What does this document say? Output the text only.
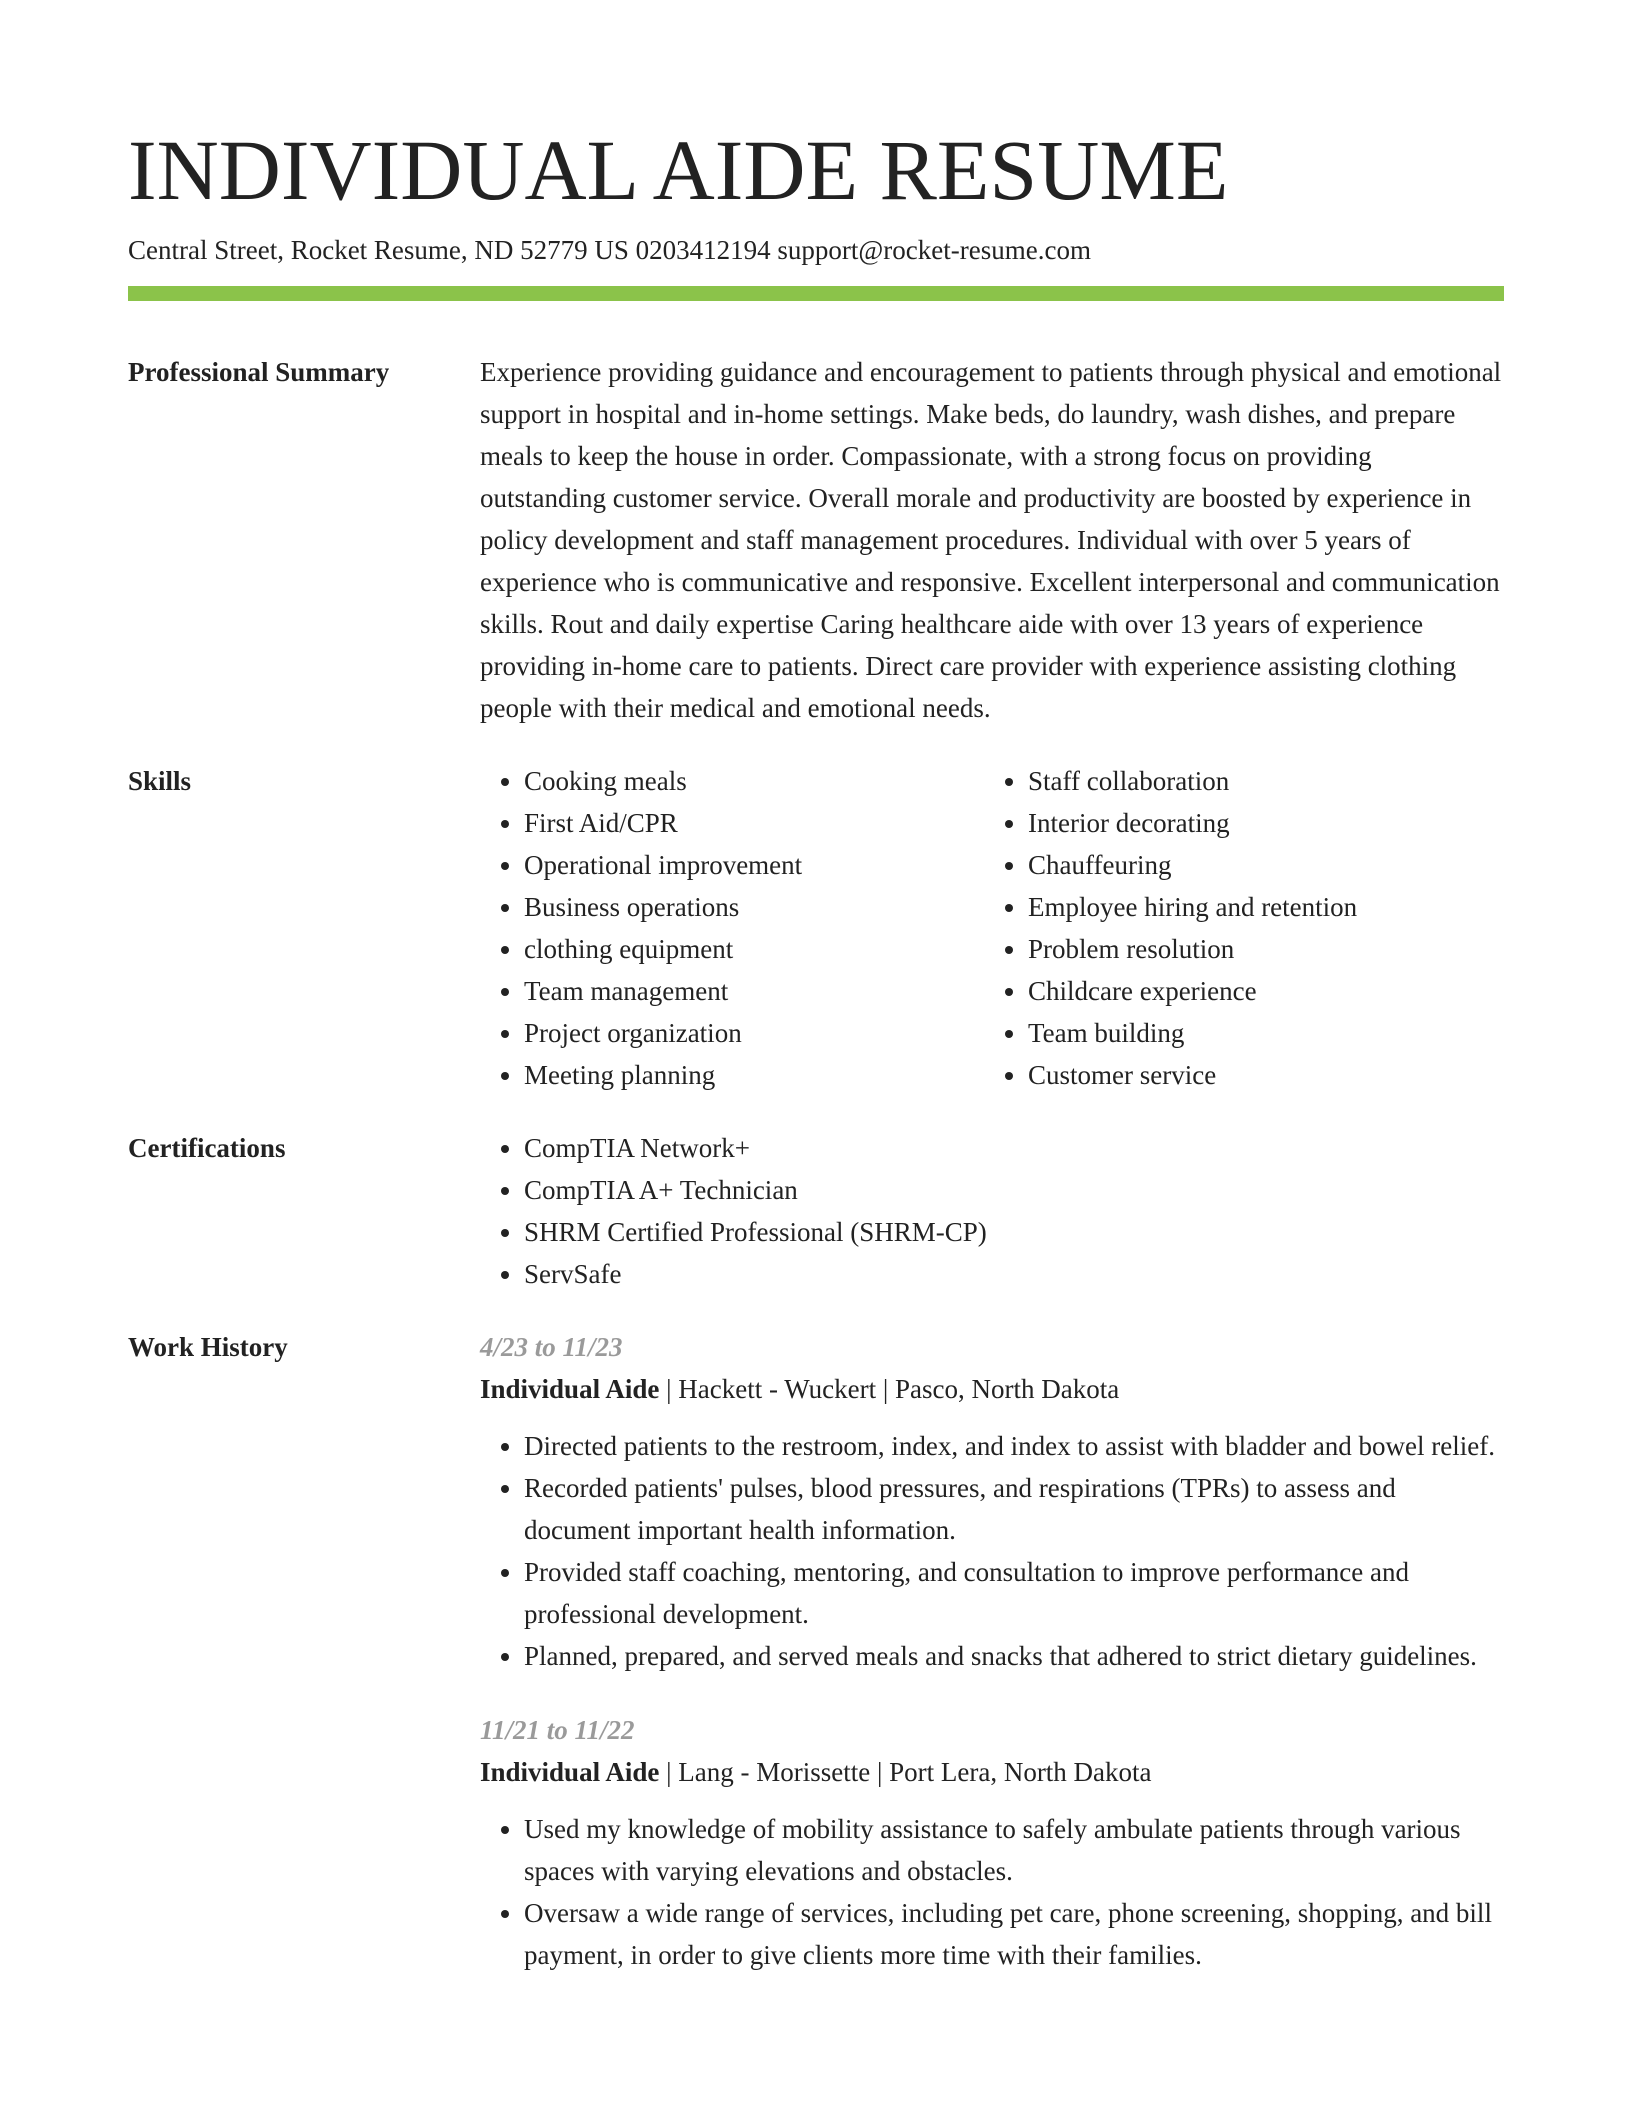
INDIVIDUAL AIDE RESUME
Central Street, Rocket Resume, ND 52779 US 0203412194 support@rocket-resume.com
Professional Summary	Experience providing guidance and encouragement to patients through physical and emotional support in hospital and in-home settings. Make beds, do laundry, wash dishes, and prepare meals to keep the house in order. Compassionate, with a strong focus on providing outstanding customer service. Overall morale and productivity are boosted by experience in policy development and staff management procedures. Individual with over 5 years of experience who is communicative and responsive. Excellent interpersonal and communication skills. Rout and daily expertise Caring healthcare aide with over 13 years of experience providing in-home care to patients. Direct care provider with experience assisting clothing people with their medical and emotional needs.
Skills	• Cooking meals
• First Aid/CPR
• Operational improvement
• Business operations
• clothing equipment
• Team management
• Project organization
• Meeting planning
• Staff collaboration
• Interior decorating
• Chauffeuring
• Employee hiring and retention
• Problem resolution
• Childcare experience
• Team building
• Customer service
Certifications	• CompTIA Network+
• CompTIA A+ Technician
• SHRM Certified Professional (SHRM-CP)
• ServSafe
Work History	4/23 to 11/23
Individual Aide | Hackett - Wuckert | Pasco, North Dakota
• Directed patients to the restroom, index, and index to assist with bladder and bowel relief.
• Recorded patients' pulses, blood pressures, and respirations (TPRs) to assess and document important health information.
• Provided staff coaching, mentoring, and consultation to improve performance and professional development.
• Planned, prepared, and served meals and snacks that adhered to strict dietary guidelines.
11/21 to 11/22
Individual Aide | Lang - Morissette | Port Lera, North Dakota
• Used my knowledge of mobility assistance to safely ambulate patients through various spaces with varying elevations and obstacles.
• Oversaw a wide range of services, including pet care, phone screening, shopping, and bill payment, in order to give clients more time with their families.
